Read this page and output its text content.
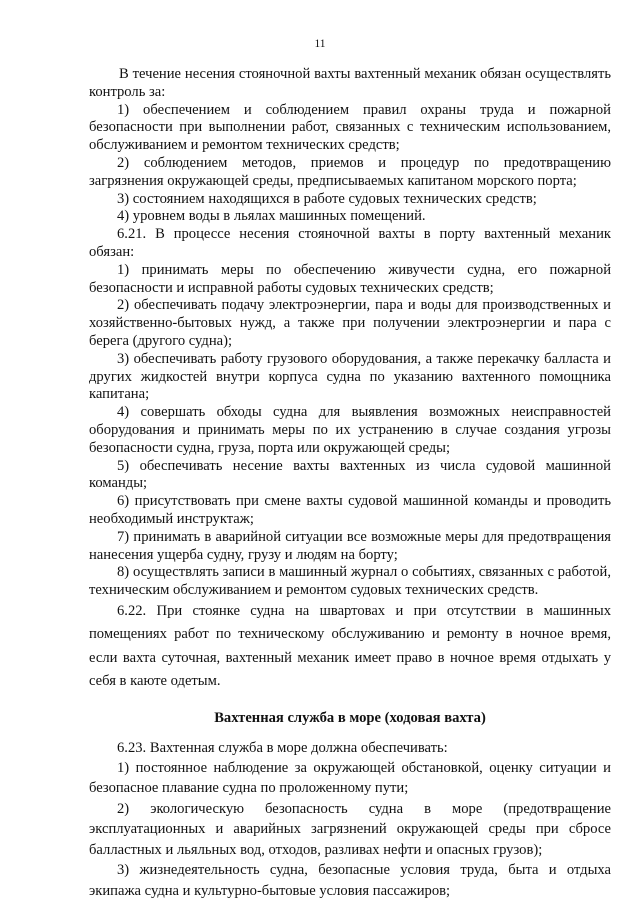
11

В течение несения стояночной вахты вахтенный механик обязан осуществлять контроль за:

1) обеспечением и соблюдением правил охраны труда и пожарной безопасности при выполнении работ, связанных с техническим использованием, обслуживанием и ремонтом технических средств;

2) соблюдением методов, приемов и процедур по предотвращению загрязнения окружающей среды, предписываемых капитаном морского порта;

3) состоянием находящихся в работе судовых технических средств;

4) уровнем воды в льялах машинных помещений.

6.21. В процессе несения стояночной вахты в порту вахтенный механик обязан:

1) принимать меры по обеспечению живучести судна, его пожарной безопасности и исправной работы судовых технических средств;

2) обеспечивать подачу электроэнергии, пара и воды для производственных и хозяйственно-бытовых нужд, а также при получении электроэнергии и пара с берега (другого судна);

3) обеспечивать работу грузового оборудования, а также перекачку балласта и других жидкостей внутри корпуса судна по указанию вахтенного помощника капитана;

4) совершать обходы судна для выявления возможных неисправностей оборудования и принимать меры по их устранению в случае создания угрозы безопасности судна, груза, порта или окружающей среды;

5) обеспечивать несение вахты вахтенных из числа судовой машинной команды;

6) присутствовать при смене вахты судовой машинной команды и проводить необходимый инструктаж;

7) принимать в аварийной ситуации все возможные меры для предотвращения нанесения ущерба судну, грузу и людям на борту;

8) осуществлять записи в машинный журнал о событиях, связанных с работой, техническим обслуживанием и ремонтом судовых технических средств.

6.22. При стоянке судна на швартовах и при отсутствии в машинных помещениях работ по техническому обслуживанию и ремонту в ночное время, если вахта суточная, вахтенный механик имеет право в ночное время отдыхать у себя в каюте одетым.

Вахтенная служба в море (ходовая вахта)

6.23. Вахтенная служба в море должна обеспечивать:

1) постоянное наблюдение за окружающей обстановкой, оценку ситуации и безопасное плавание судна по проложенному пути;

2) экологическую безопасность судна в море (предотвращение эксплуатационных и аварийных загрязнений окружающей среды при сбросе балластных и льяльных вод, отходов, разливах нефти и опасных грузов);

3) жизнедеятельность судна, безопасные условия труда, быта и отдыха экипажа судна и культурно-бытовые условия пассажиров;
